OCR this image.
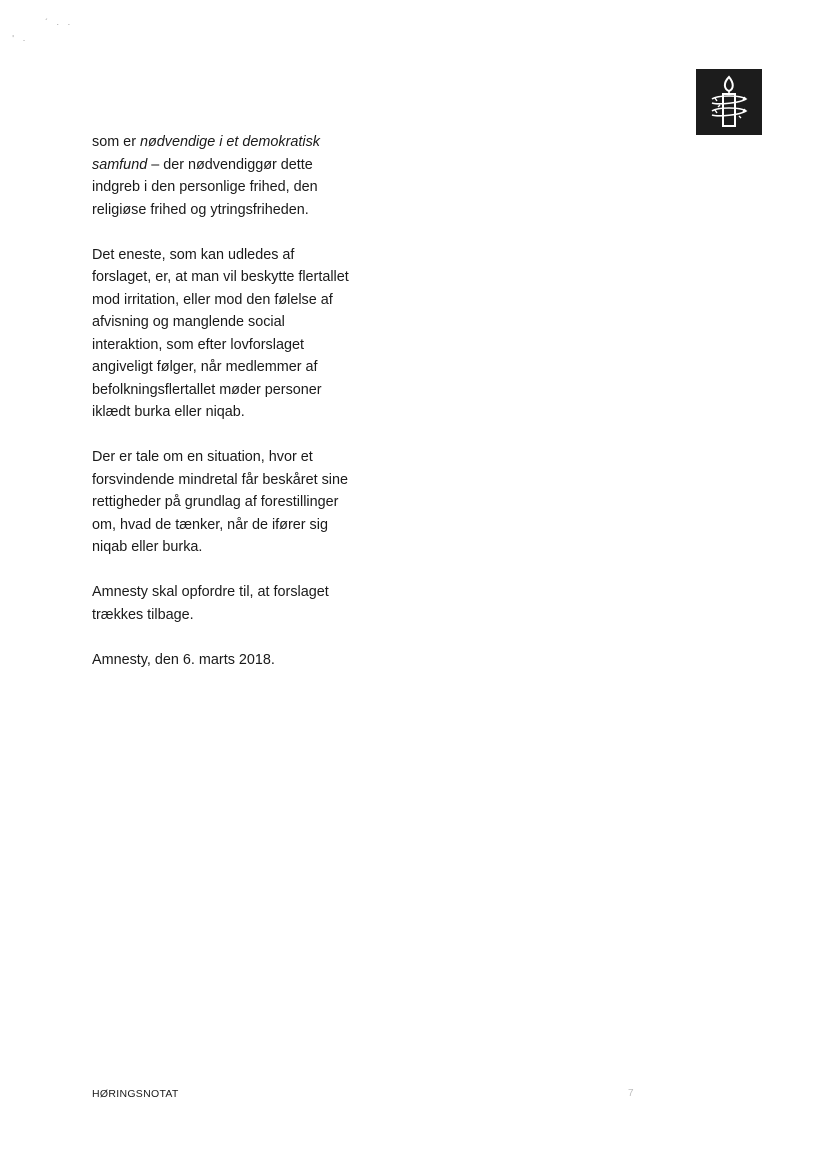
´ . .
' .

som er nødvendige i et demokratisk samfund – der nødvendiggør dette indgreb i den personlige frihed, den religiøse frihed og ytringsfriheden.

Det eneste, som kan udledes af forslaget, er, at man vil beskytte flertallet mod irritation, eller mod den følelse af afvisning og manglende social interaktion, som efter lovforslaget angiveligt følger, når medlemmer af befolkningsflertallet møder personer iklædt burka eller niqab.

Der er tale om en situation, hvor et forsvindende mindretal får beskåret sine rettigheder på grundlag af forestillinger om, hvad de tænker, når de ifører sig niqab eller burka.

Amnesty skal opfordre til, at forslaget trækkes tilbage.

Amnesty, den 6. marts 2018.

HØRINGSNOTAT	7
